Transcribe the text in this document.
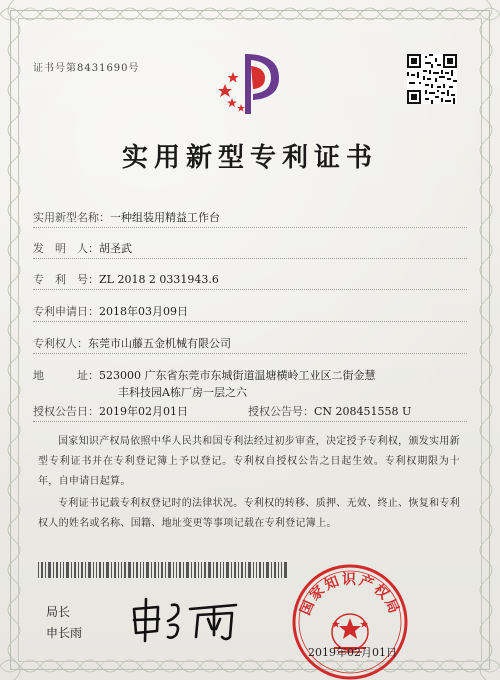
证书号第8431690号
实用新型专利证书
实用新型名称：一种组装用精益工作台
发　明　人：胡圣武
专　利　号：ZL 2018 2 0331943.6
专利申请日：2018年03月09日
专利权人：东莞市山藤五金机械有限公司
地　　　址：523000 广东省东莞市东城街道温塘横岭工业区二街金慧
丰科技园A栋厂房一层之六
授权公告日：2019年02月01日	授权公告号：CN 208451558 U
国家知识产权局依照中华人民共和国专利法经过初步审查，决定授予专利权，颁发实用新型专利证书并在专利登记簿上予以登记。专利权自授权公告之日起生效。专利权期限为十年，自申请日起算。
专利证书记载专利权登记时的法律状况。专利权的转移、质押、无效、终止、恢复和专利权人的姓名或名称、国籍、地址变更等事项记载在专利登记簿上。
局长
申长雨
国家知识产权局
2019年02月01日
